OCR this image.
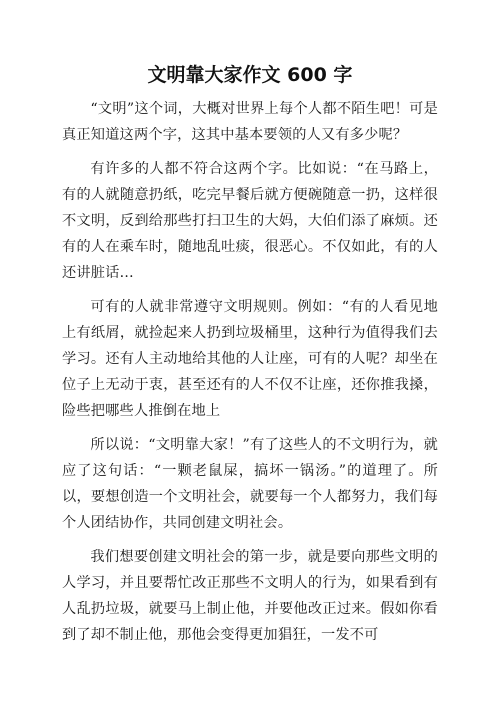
文明靠大家作文 600 字

“文明”这个词，大概对世界上每个人都不陌生吧！可是真正知道这两个字，这其中基本要领的人又有多少呢？

有许多的人都不符合这两个字。比如说：“在马路上，有的人就随意扔纸，吃完早餐后就方便碗随意一扔，这样很不文明，反到给那些打扫卫生的大妈，大伯们添了麻烦。还有的人在乘车时，随地乱吐痰，很恶心。不仅如此，有的人还讲脏话…

可有的人就非常遵守文明规则。例如：“有的人看见地上有纸屑，就捡起来人扔到垃圾桶里，这种行为值得我们去学习。还有人主动地给其他的人让座，可有的人呢？却坐在位子上无动于衷，甚至还有的人不仅不让座，还你推我搡，险些把哪些人推倒在地上

所以说：“文明靠大家！”有了这些人的不文明行为，就应了这句话：“一颗老鼠屎，搞坏一锅汤。”的道理了。所以，要想创造一个文明社会，就要每一个人都努力，我们每个人团结协作，共同创建文明社会。

我们想要创建文明社会的第一步，就是要向那些文明的人学习，并且要帮忙改正那些不文明人的行为，如果看到有人乱扔垃圾，就要马上制止他，并要他改正过来。假如你看到了却不制止他，那他会变得更加猖狂，一发不可
